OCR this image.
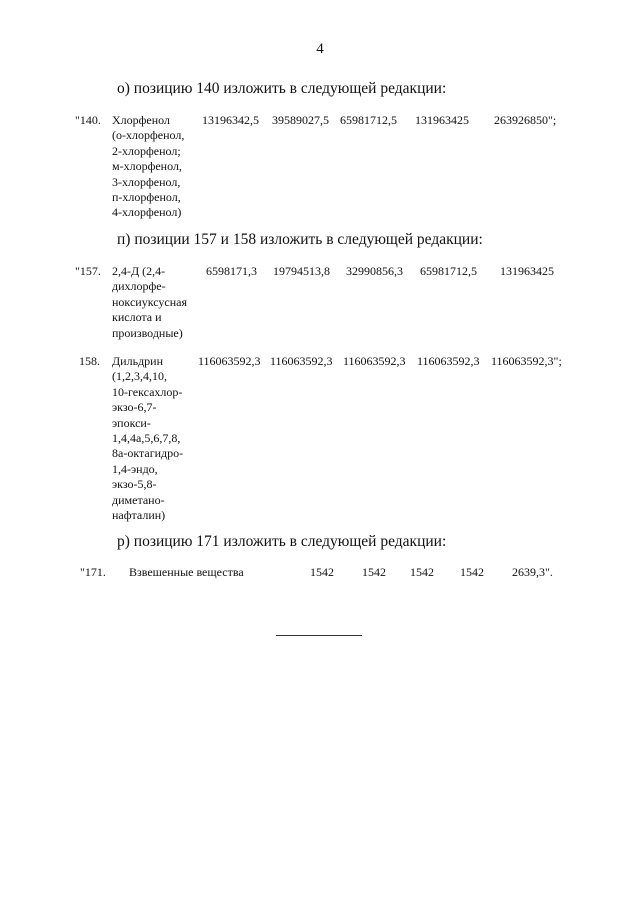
4
о) позицию 140 изложить в следующей редакции:
"140. Хлорфенол
(о-хлорфенол,
2-хлорфенол;
м-хлорфенол,
3-хлорфенол,
п-хлорфенол,
4-хлорфенол)
13196342,5 39589027,5 65981712,5 131963425 263926850";
п) позиции 157 и 158 изложить в следующей редакции:
"157. 2,4-Д (2,4-
дихлорфе-
ноксиуксусная
кислота и
производные)
6598171,3 19794513,8 32990856,3 65981712,5 131963425
158. Дильдрин
(1,2,3,4,10,
10-гексахлор-
экзо-6,7-
эпокси-
1,4,4а,5,6,7,8,
8а-октагидро-
1,4-эндо,
экзо-5,8-
диметано-
нафталин)
116063592,3 116063592,3 116063592,3 116063592,3 116063592,3";
р) позицию 171 изложить в следующей редакции:
"171. Взвешенные вещества	1542 1542 1542 1542 2639,3".
